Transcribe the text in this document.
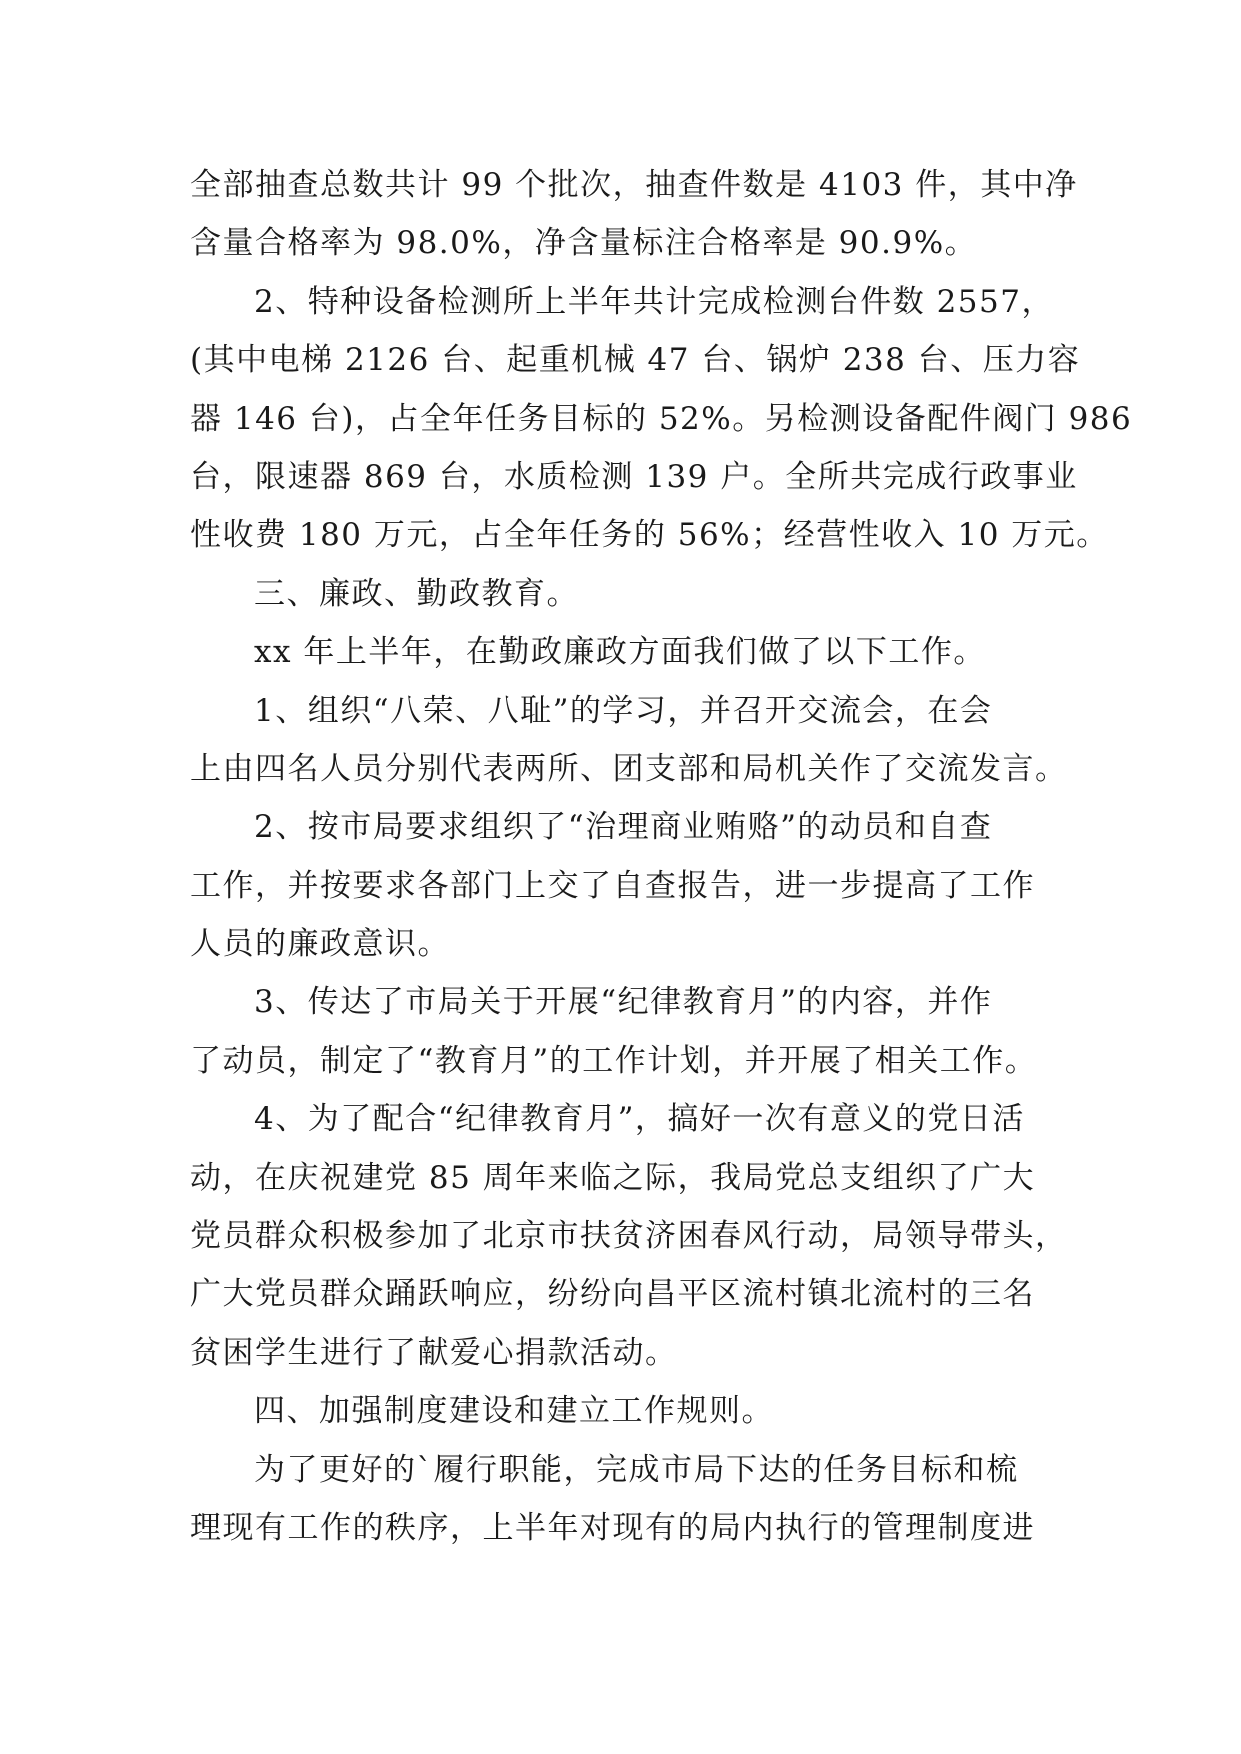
全部抽查总数共计 99 个批次，抽查件数是 4103 件，其中净
含量合格率为 98.0%，净含量标注合格率是 90.9%。
2、特种设备检测所上半年共计完成检测台件数 2557，
(其中电梯 2126 台、起重机械 47 台、锅炉 238 台、压力容
器 146 台)，占全年任务目标的 52%。另检测设备配件阀门 986
台，限速器 869 台，水质检测 139 户。全所共完成行政事业
性收费 180 万元，占全年任务的 56%；经营性收入 10 万元。
三、廉政、勤政教育。
xx 年上半年，在勤政廉政方面我们做了以下工作。
1、组织“八荣、八耻”的学习，并召开交流会，在会
上由四名人员分别代表两所、团支部和局机关作了交流发言。
2、按市局要求组织了“治理商业贿赂”的动员和自查
工作，并按要求各部门上交了自查报告，进一步提高了工作
人员的廉政意识。
3、传达了市局关于开展“纪律教育月”的内容，并作
了动员，制定了“教育月”的工作计划，并开展了相关工作。
4、为了配合“纪律教育月”，搞好一次有意义的党日活
动，在庆祝建党 85 周年来临之际，我局党总支组织了广大
党员群众积极参加了北京市扶贫济困春风行动，局领导带头，
广大党员群众踊跃响应，纷纷向昌平区流村镇北流村的三名
贫困学生进行了献爱心捐款活动。
四、加强制度建设和建立工作规则。
为了更好的`履行职能，完成市局下达的任务目标和梳
理现有工作的秩序，上半年对现有的局内执行的管理制度进
